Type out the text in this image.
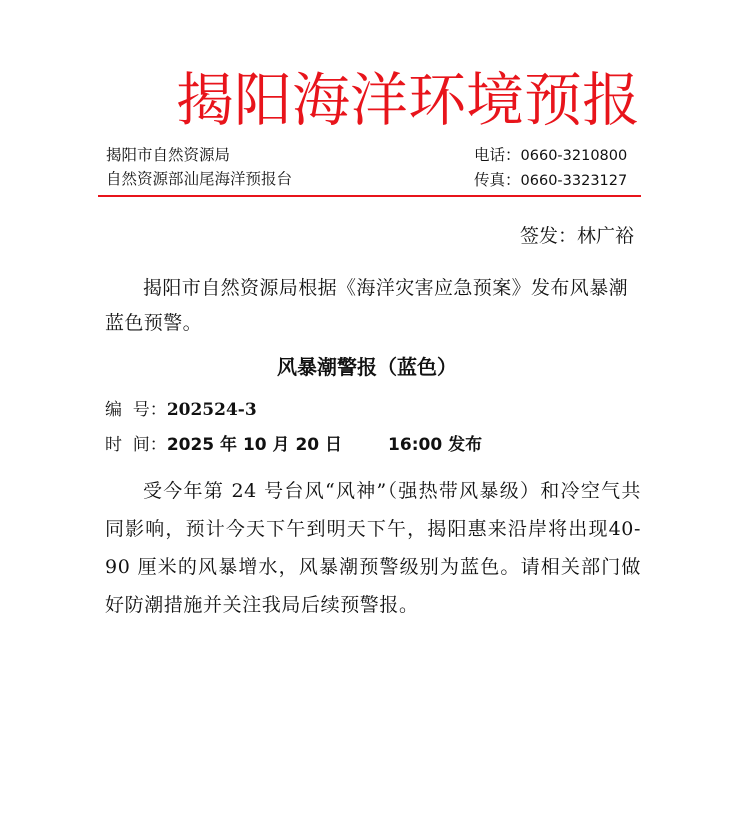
揭阳海洋环境预报
揭阳市自然资源局
自然资源部汕尾海洋预报台
电话：0660-3210800
传真：0660-3323127
签发：林广裕
揭阳市自然资源局根据《海洋灾害应急预案》发布风暴潮蓝色预警。
风暴潮警报（蓝色）
编  号：202524-3
时  间：2025 年 10 月 20 日	16:00 发布
受今年第 24 号台风“风神”（强热带风暴级）和冷空气共同影响，预计今天下午到明天下午，揭阳惠来沿岸将出现40-90 厘米的风暴增水，风暴潮预警级别为蓝色。请相关部门做好防潮措施并关注我局后续预警报。
